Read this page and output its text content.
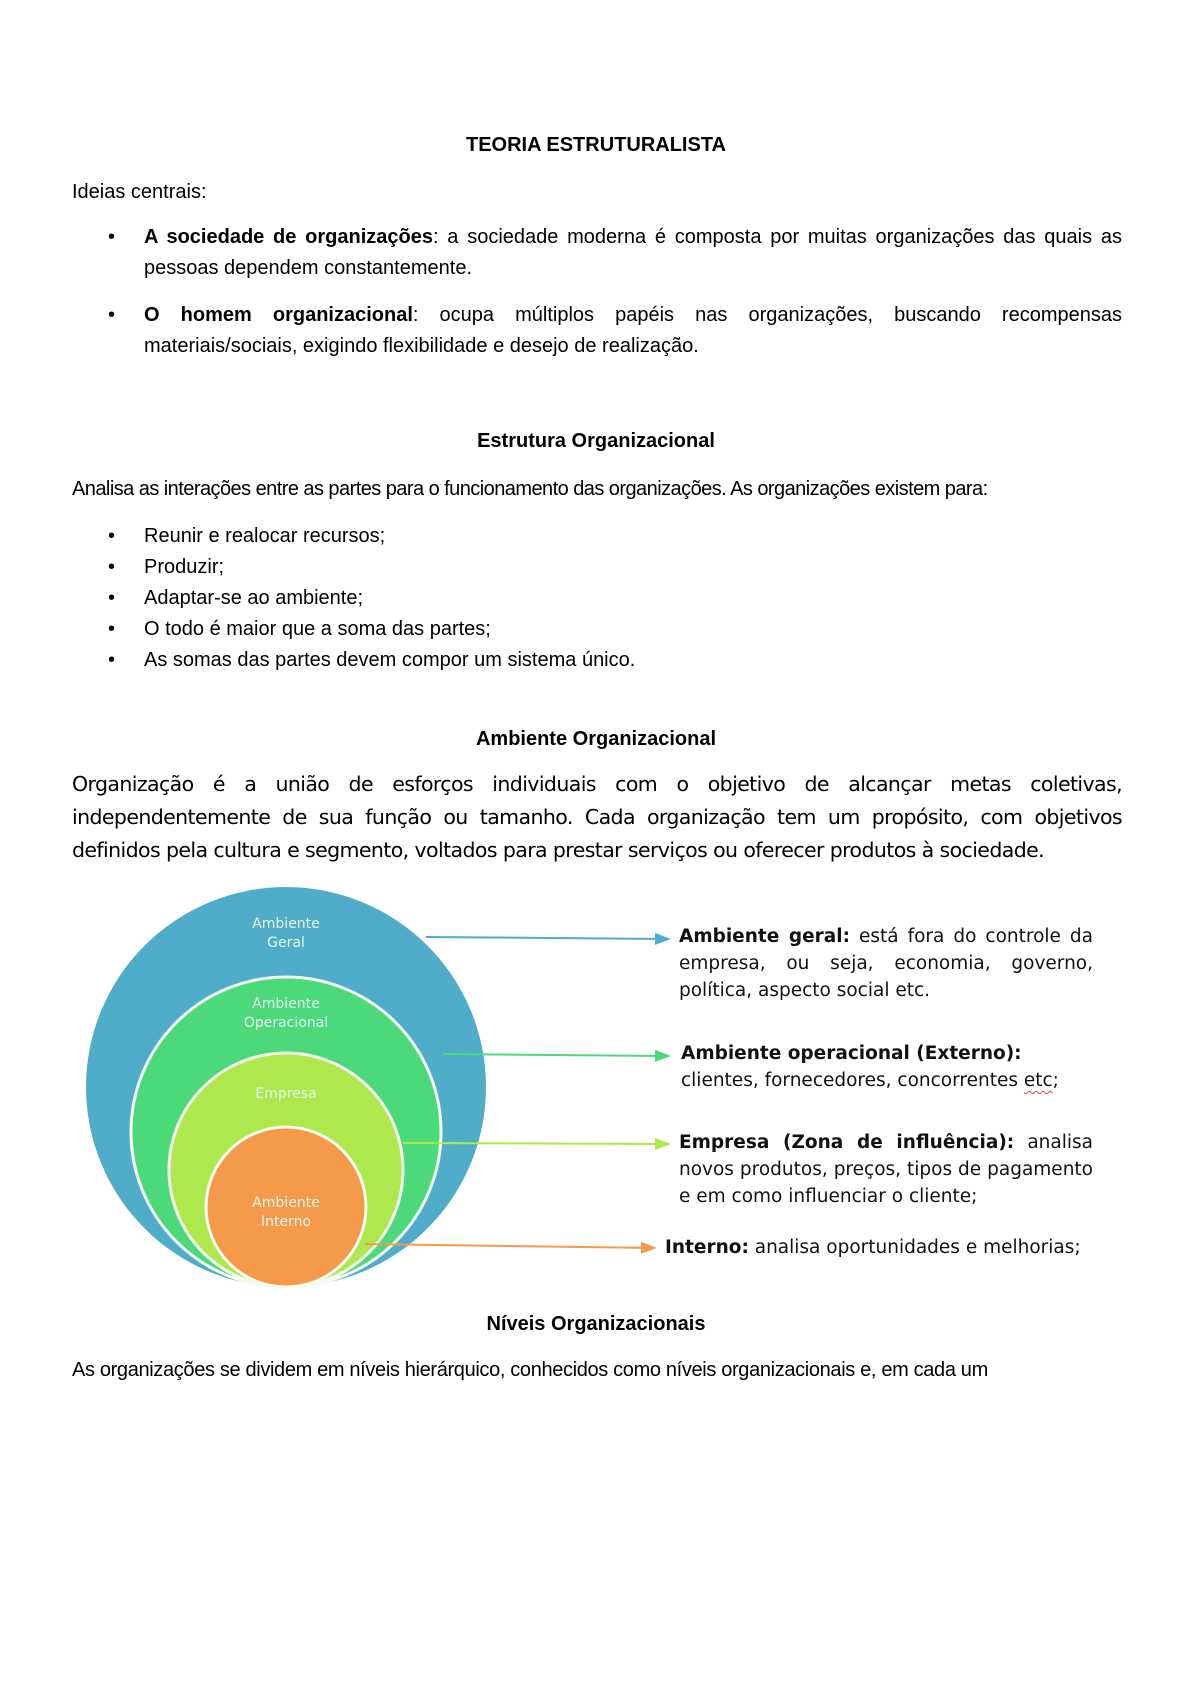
TEORIA ESTRUTURALISTA
Ideias centrais:
• A sociedade de organizações: a sociedade moderna é composta por muitas organizações das quais as pessoas dependem constantemente.
• O homem organizacional: ocupa múltiplos papéis nas organizações, buscando recompensas materiais/sociais, exigindo flexibilidade e desejo de realização.
Estrutura Organizacional
Analisa as interações entre as partes para o funcionamento das organizações. As organizações existem para:
• Reunir e realocar recursos;
• Produzir;
• Adaptar-se ao ambiente;
• O todo é maior que a soma das partes;
• As somas das partes devem compor um sistema único.
Ambiente Organizacional
Organização é a união de esforços individuais com o objetivo de alcançar metas coletivas, independentemente de sua função ou tamanho. Cada organização tem um propósito, com objetivos definidos pela cultura e segmento, voltados para prestar serviços ou oferecer produtos à sociedade.
Ambiente
Geral
Ambiente
Operacional
Empresa
Ambiente
Interno
Ambiente geral: está fora do controle da empresa, ou seja, economia, governo, política, aspecto social etc.
Ambiente operacional (Externo):
clientes, fornecedores, concorrentes etc;
Empresa (Zona de influência): analisa novos produtos, preços, tipos de pagamento e em como influenciar o cliente;
Interno: analisa oportunidades e melhorias;
Níveis Organizacionais
As organizações se dividem em níveis hierárquico, conhecidos como níveis organizacionais e, em cada um
